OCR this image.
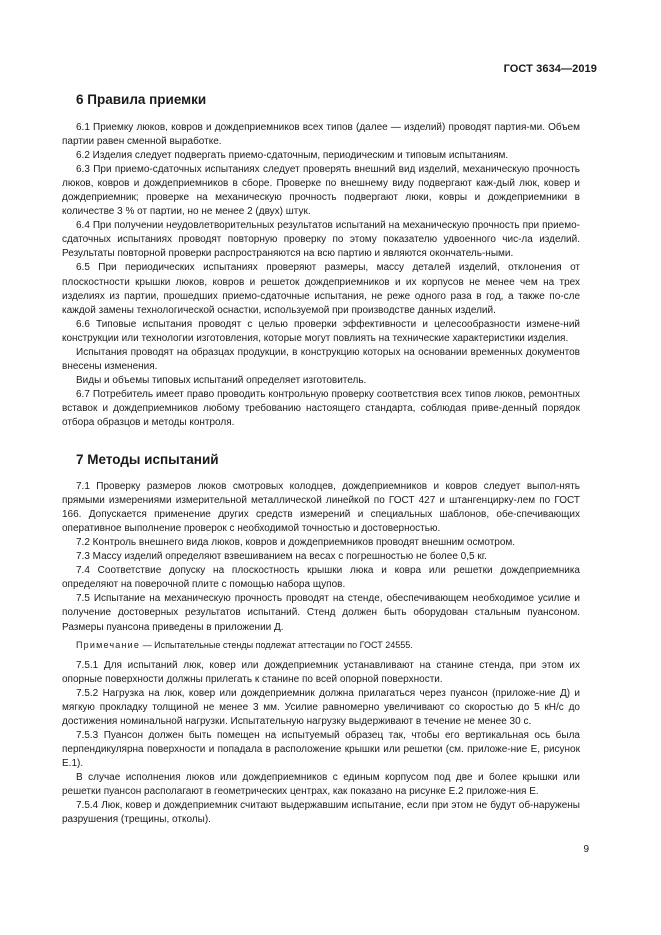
ГОСТ 3634—2019
6 Правила приемки

6.1 Приемку люков, ковров и дождеприемников всех типов (далее — изделий) проводят партия-ми. Объем партии равен сменной выработке.

6.2 Изделия следует подвергать приемо-сдаточным, периодическим и типовым испытаниям.

6.3 При приемо-сдаточных испытаниях следует проверять внешний вид изделий, механическую прочность люков, ковров и дождеприемников в сборе. Проверке по внешнему виду подвергают каж-дый люк, ковер и дождеприемник; проверке на механическую прочность подвергают люки, ковры и дождеприемники в количестве 3 % от партии, но не менее 2 (двух) штук.

6.4 При получении неудовлетворительных результатов испытаний на механическую прочность при приемо-сдаточных испытаниях проводят повторную проверку по этому показателю удвоенного чис-ла изделий. Результаты повторной проверки распространяются на всю партию и являются окончатель-ными.

6.5 При периодических испытаниях проверяют размеры, массу деталей изделий, отклонения от плоскостности крышки люков, ковров и решеток дождеприемников и их корпусов не менее чем на трех изделиях из партии, прошедших приемо-сдаточные испытания, не реже одного раза в год, а также по-сле каждой замены технологической оснастки, используемой при производстве данных изделий.

6.6 Типовые испытания проводят с целью проверки эффективности и целесообразности измене-ний конструкции или технологии изготовления, которые могут повлиять на технические характеристики изделия.

Испытания проводят на образцах продукции, в конструкцию которых на основании временных документов внесены изменения.

Виды и объемы типовых испытаний определяет изготовитель.

6.7 Потребитель имеет право проводить контрольную проверку соответствия всех типов люков, ремонтных вставок и дождеприемников любому требованию настоящего стандарта, соблюдая приве-денный порядок отбора образцов и методы контроля.

7 Методы испытаний

7.1 Проверку размеров люков смотровых колодцев, дождеприемников и ковров следует выпол-нять прямыми измерениями измерительной металлической линейкой по ГОСТ 427 и штангенцирку-лем по ГОСТ 166. Допускается применение других средств измерений и специальных шаблонов, обе-спечивающих оперативное выполнение проверок с необходимой точностью и достоверностью.

7.2 Контроль внешнего вида люков, ковров и дождеприемников проводят внешним осмотром.

7.3 Массу изделий определяют взвешиванием на весах с погрешностью не более 0,5 кг.

7.4 Соответствие допуску на плоскостность крышки люка и ковра или решетки дождеприемника определяют на поверочной плите с помощью набора щупов.

7.5 Испытание на механическую прочность проводят на стенде, обеспечивающем необходимое усилие и получение достоверных результатов испытаний. Стенд должен быть оборудован стальным пуансоном. Размеры пуансона приведены в приложении Д.

Примечание — Испытательные стенды подлежат аттестации по ГОСТ 24555.

7.5.1 Для испытаний люк, ковер или дождеприемник устанавливают на станине стенда, при этом их опорные поверхности должны прилегать к станине по всей опорной поверхности.

7.5.2 Нагрузка на люк, ковер или дождеприемник должна прилагаться через пуансон (приложе-ние Д) и мягкую прокладку толщиной не менее 3 мм. Усилие равномерно увеличивают со скоростью до 5 кН/с до достижения номинальной нагрузки. Испытательную нагрузку выдерживают в течение не менее 30 с.

7.5.3 Пуансон должен быть помещен на испытуемый образец так, чтобы его вертикальная ось была перпендикулярна поверхности и попадала в расположение крышки или решетки (см. приложе-ние Е, рисунок Е.1).

В случае исполнения люков или дождеприемников с единым корпусом под две и более крышки или решетки пуансон располагают в геометрических центрах, как показано на рисунке Е.2 приложе-ния Е.

7.5.4 Люк, ковер и дождеприемник считают выдержавшим испытание, если при этом не будут об-наружены разрушения (трещины, отколы).

9
